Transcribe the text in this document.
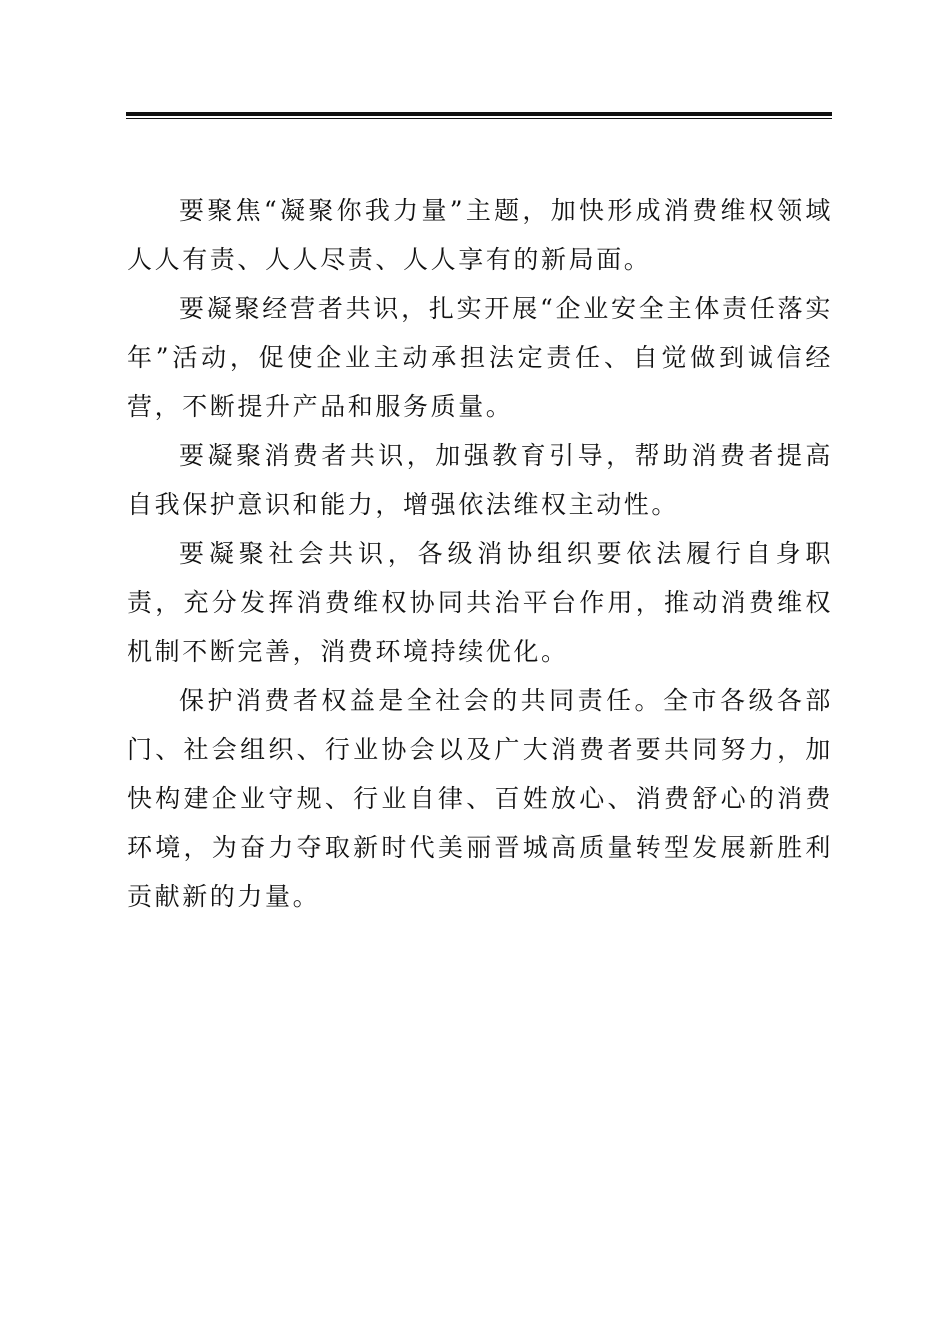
要聚焦“凝聚你我力量”主题，加快形成消费维权领域人人有责、人人尽责、人人享有的新局面。

要凝聚经营者共识，扎实开展“企业安全主体责任落实年”活动，促使企业主动承担法定责任、自觉做到诚信经营，不断提升产品和服务质量。

要凝聚消费者共识，加强教育引导，帮助消费者提高自我保护意识和能力，增强依法维权主动性。

要凝聚社会共识，各级消协组织要依法履行自身职责，充分发挥消费维权协同共治平台作用，推动消费维权机制不断完善，消费环境持续优化。

保护消费者权益是全社会的共同责任。全市各级各部门、社会组织、行业协会以及广大消费者要共同努力，加快构建企业守规、行业自律、百姓放心、消费舒心的消费环境，为奋力夺取新时代美丽晋城高质量转型发展新胜利贡献新的力量。
